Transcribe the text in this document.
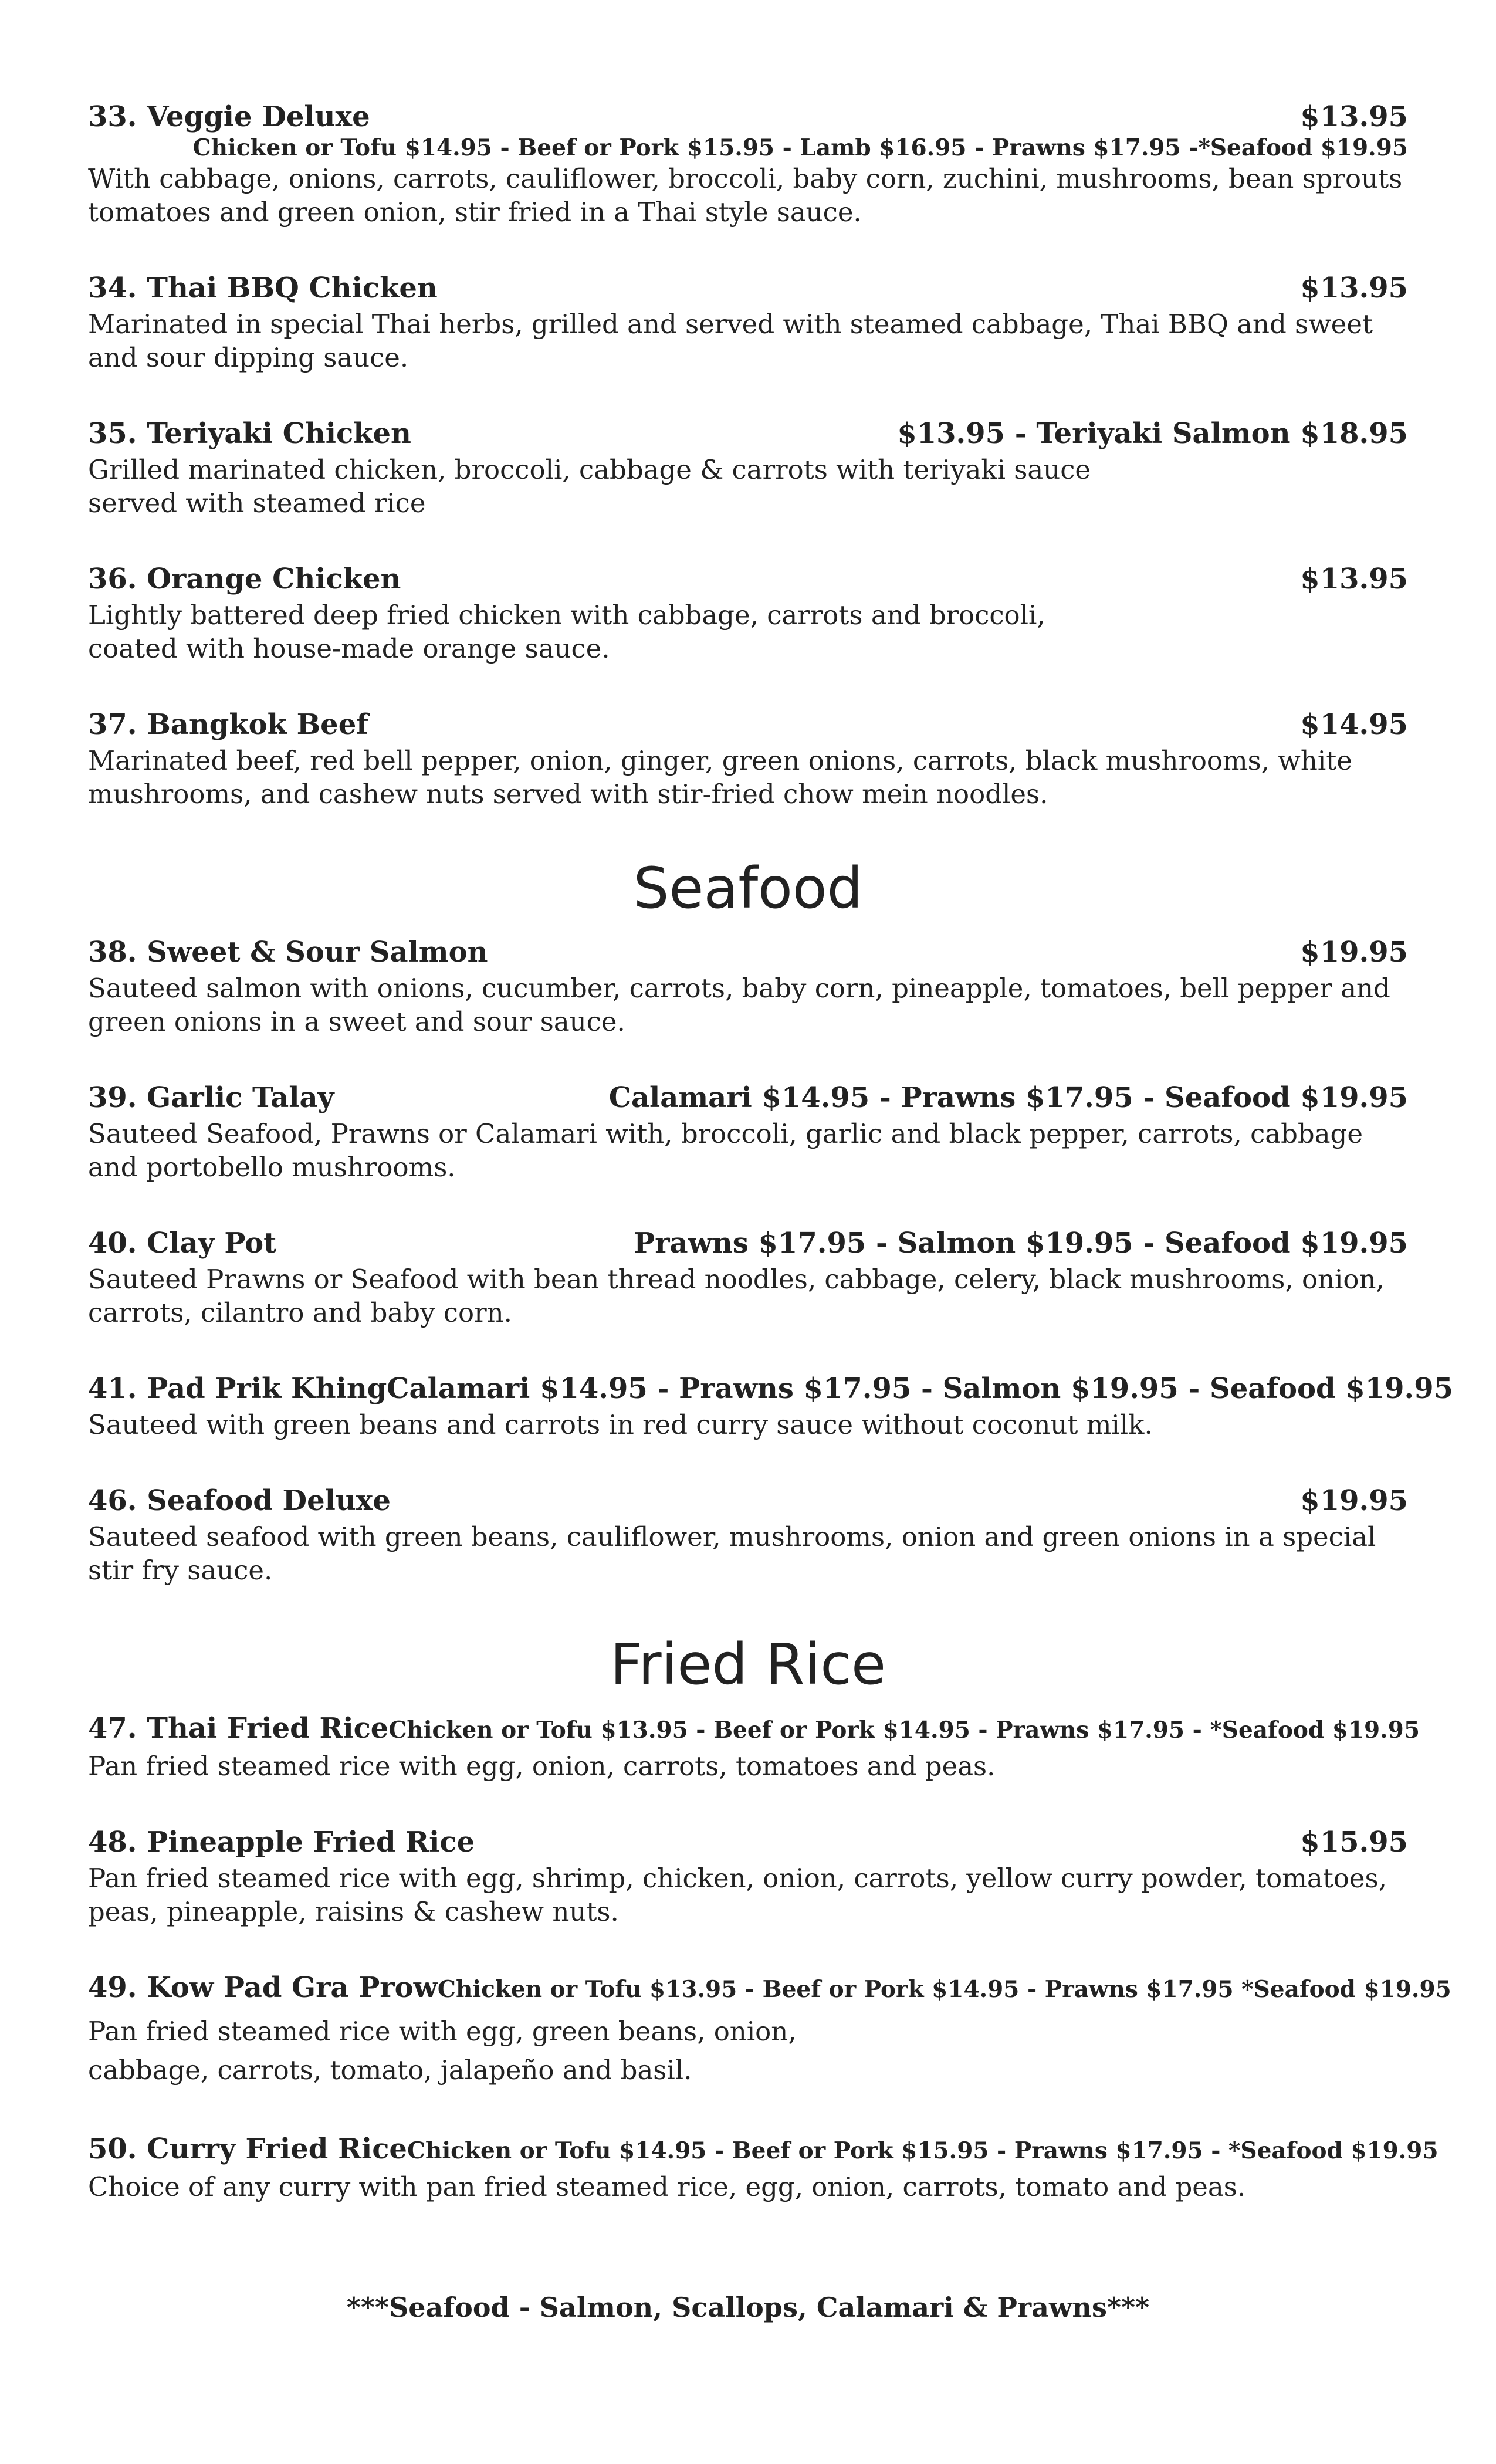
33. Veggie Deluxe	$13.95
Chicken or Tofu $14.95 - Beef or Pork $15.95 - Lamb $16.95 - Prawns $17.95 -*Seafood $19.95
With cabbage, onions, carrots, cauliflower, broccoli, baby corn, zuchini, mushrooms, bean sprouts tomatoes and green onion, stir fried in a Thai style sauce.
34. Thai BBQ Chicken	$13.95
Marinated in special Thai herbs, grilled and served with steamed cabbage, Thai BBQ and sweet and sour dipping sauce.
35. Teriyaki Chicken	$13.95 - Teriyaki Salmon $18.95
Grilled marinated chicken, broccoli, cabbage & carrots with teriyaki sauce served with steamed rice
36. Orange Chicken	$13.95
Lightly battered deep fried chicken with cabbage, carrots and broccoli, coated with house-made orange sauce.
37. Bangkok Beef	$14.95
Marinated beef, red bell pepper, onion, ginger, green onions, carrots, black mushrooms, white mushrooms, and cashew nuts served with stir-fried chow mein noodles.
Seafood
38. Sweet & Sour Salmon	$19.95
Sauteed salmon with onions, cucumber, carrots, baby corn, pineapple, tomatoes, bell pepper and green onions in a sweet and sour sauce.
39. Garlic Talay	Calamari $14.95 - Prawns $17.95 - Seafood $19.95
Sauteed Seafood, Prawns or Calamari with, broccoli, garlic and black pepper, carrots, cabbage and portobello mushrooms.
40. Clay Pot	Prawns $17.95 - Salmon $19.95 - Seafood $19.95
Sauteed Prawns or Seafood with bean thread noodles, cabbage, celery, black mushrooms, onion, carrots, cilantro and baby corn.
41. Pad Prik Khing Calamari $14.95 - Prawns $17.95 - Salmon $19.95 - Seafood $19.95
Sauteed with green beans and carrots in red curry sauce without coconut milk.
46. Seafood Deluxe	$19.95
Sauteed seafood with green beans, cauliflower, mushrooms, onion and green onions in a special stir fry sauce.
Fried Rice
47. Thai Fried Rice Chicken or Tofu $13.95 - Beef or Pork $14.95 - Prawns $17.95 - *Seafood $19.95
Pan fried steamed rice with egg, onion, carrots, tomatoes and peas.
48. Pineapple Fried Rice	$15.95
Pan fried steamed rice with egg, shrimp, chicken, onion, carrots, yellow curry powder, tomatoes, peas, pineapple, raisins & cashew nuts.
49. Kow Pad Gra Prow Chicken or Tofu $13.95 - Beef or Pork $14.95 - Prawns $17.95 *Seafood $19.95
Pan fried steamed rice with egg, green beans, onion, cabbage, carrots, tomato, jalapeño and basil.
50. Curry Fried Rice Chicken or Tofu $14.95 - Beef or Pork $15.95 - Prawns $17.95 - *Seafood $19.95
Choice of any curry with pan fried steamed rice, egg, onion, carrots, tomato and peas.
***Seafood - Salmon, Scallops, Calamari & Prawns***
